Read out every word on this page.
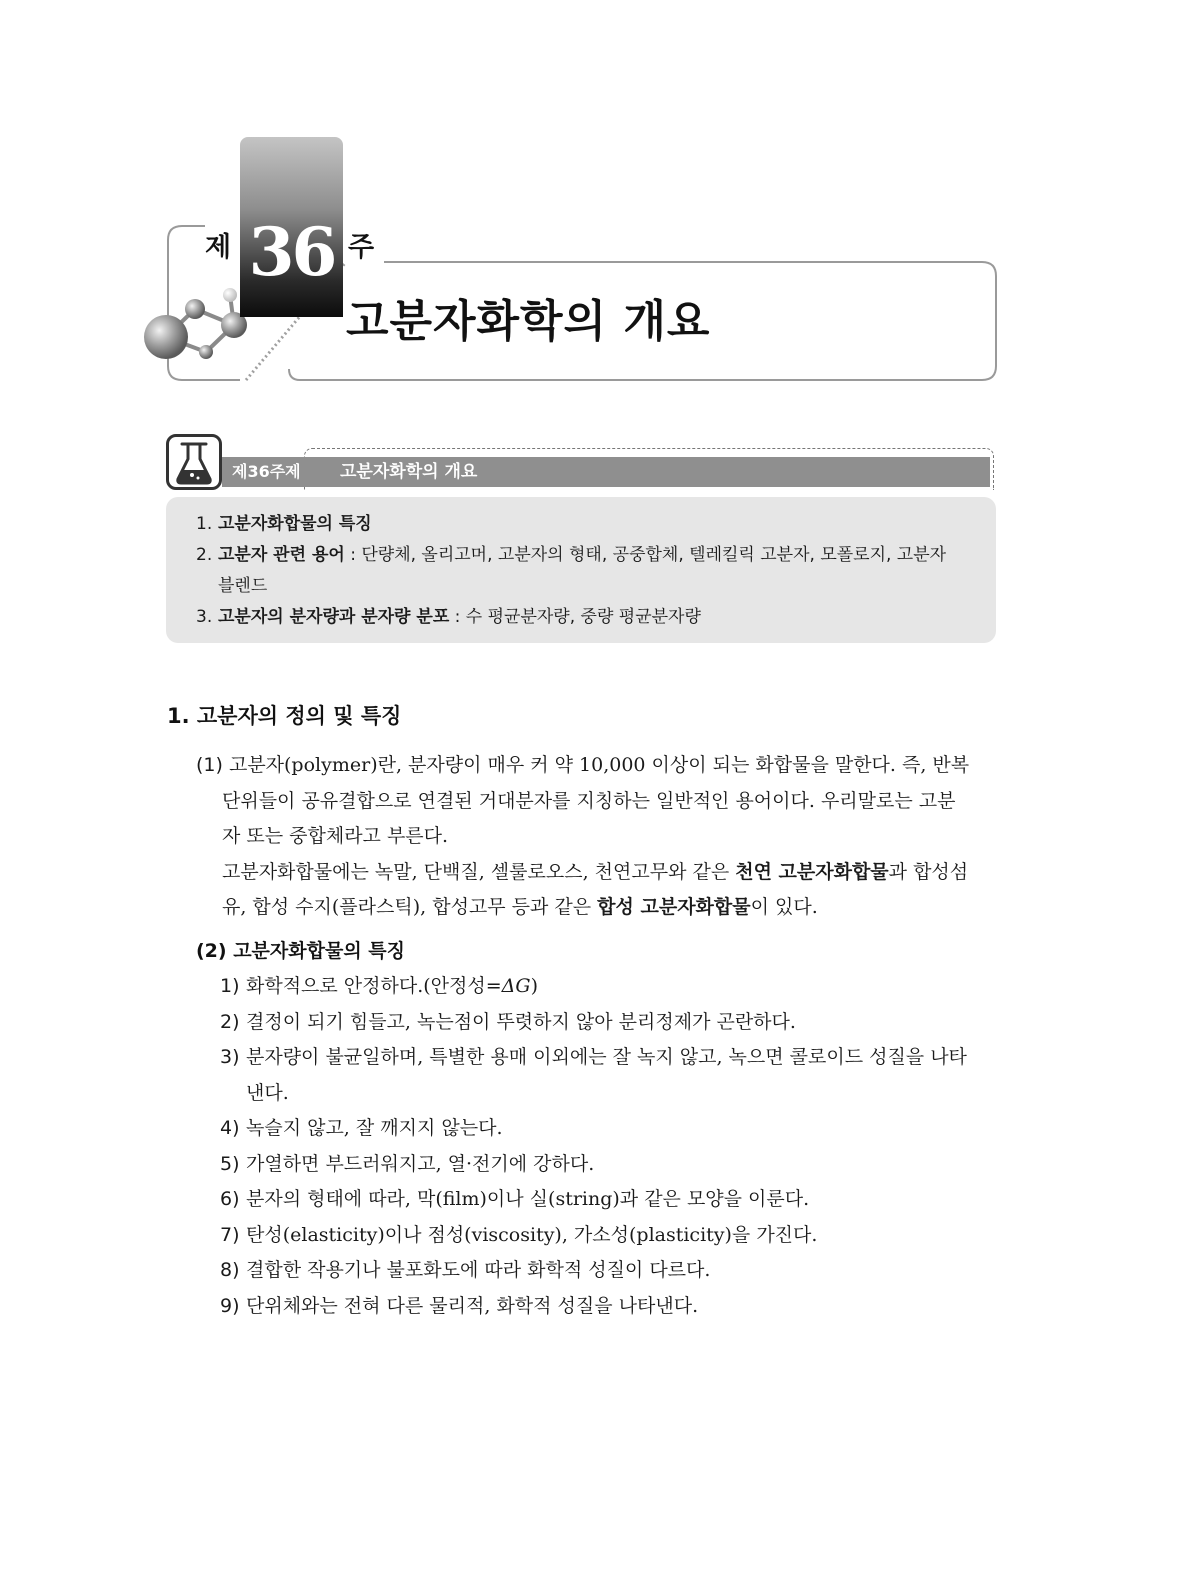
제 36 주
고분자화학의 개요
제36주제 고분자화학의 개요
1. 고분자화합물의 특징
2. 고분자 관련 용어 : 단량체, 올리고머, 고분자의 형태, 공중합체, 텔레킬릭 고분자, 모폴로지, 고분자
블렌드
3. 고분자의 분자량과 분자량 분포 : 수 평균분자량, 중량 평균분자량
1. 고분자의 정의 및 특징
(1) 고분자(polymer)란, 분자량이 매우 커 약 10,000 이상이 되는 화합물을 말한다. 즉, 반복
단위들이 공유결합으로 연결된 거대분자를 지칭하는 일반적인 용어이다. 우리말로는 고분
자 또는 중합체라고 부른다.
고분자화합물에는 녹말, 단백질, 셀룰로오스, 천연고무와 같은 천연 고분자화합물과 합성섬
유, 합성 수지(플라스틱), 합성고무 등과 같은 합성 고분자화합물이 있다.
(2) 고분자화합물의 특징
1) 화학적으로 안정하다.(안정성=ΔG)
2) 결정이 되기 힘들고, 녹는점이 뚜렷하지 않아 분리정제가 곤란하다.
3) 분자량이 불균일하며, 특별한 용매 이외에는 잘 녹지 않고, 녹으면 콜로이드 성질을 나타
낸다.
4) 녹슬지 않고, 잘 깨지지 않는다.
5) 가열하면 부드러워지고, 열·전기에 강하다.
6) 분자의 형태에 따라, 막(film)이나 실(string)과 같은 모양을 이룬다.
7) 탄성(elasticity)이나 점성(viscosity), 가소성(plasticity)을 가진다.
8) 결합한 작용기나 불포화도에 따라 화학적 성질이 다르다.
9) 단위체와는 전혀 다른 물리적, 화학적 성질을 나타낸다.
